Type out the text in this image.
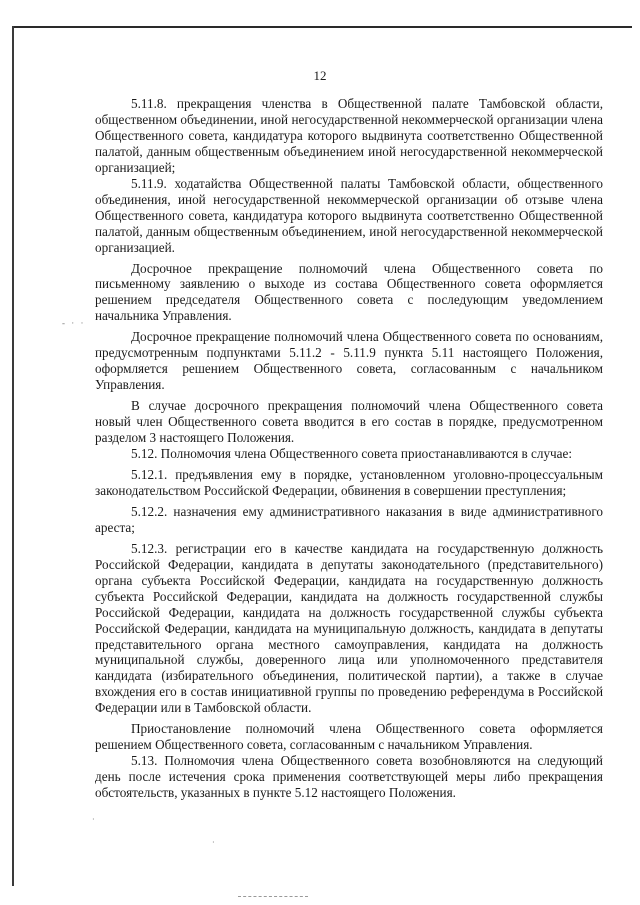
12
- · ·
·
·

5.11.8. прекращения членства в Общественной палате Тамбовской области, общественном объединении, иной негосударственной некоммерческой организации члена Общественного совета, кандидатура которого выдвинута соответственно Общественной палатой, данным общественным объединением иной негосударственной некоммерческой организацией;

5.11.9. ходатайства Общественной палаты Тамбовской области, общественного объединения, иной негосударственной некоммерческой организации об отзыве члена Общественного совета, кандидатура которого выдвинута соответственно Общественной палатой, данным общественным объединением, иной негосударственной некоммерческой организацией.

Досрочное прекращение полномочий члена Общественного совета по письменному заявлению о выходе из состава Общественного совета оформляется решением председателя Общественного совета с последующим уведомлением начальника Управления.

Досрочное прекращение полномочий члена Общественного совета по основаниям, предусмотренным подпунктами 5.11.2 - 5.11.9 пункта 5.11 настоящего Положения, оформляется решением Общественного совета, согласованным с начальником Управления.

В случае досрочного прекращения полномочий члена Общественного совета новый член Общественного совета вводится в его состав в порядке, предусмотренном разделом 3 настоящего Положения.

5.12. Полномочия члена Общественного совета приостанавливаются в случае:

5.12.1. предъявления ему в порядке, установленном уголовно-процессуальным законодательством Российской Федерации, обвинения в совершении преступления;

5.12.2. назначения ему административного наказания в виде административного ареста;

5.12.3. регистрации его в качестве кандидата на государственную должность Российской Федерации, кандидата в депутаты законодательного (представительного) органа субъекта Российской Федерации, кандидата на государственную должность субъекта Российской Федерации, кандидата на должность государственной службы Российской Федерации, кандидата на должность государственной службы субъекта Российской Федерации, кандидата на муниципальную должность, кандидата в депутаты представительного органа местного самоуправления, кандидата на должность муниципальной службы, доверенного лица или уполномоченного представителя кандидата (избирательного объединения, политической партии), а также в случае вхождения его в состав инициативной группы по проведению референдума в Российской Федерации или в Тамбовской области.

Приостановление полномочий члена Общественного совета оформляется решением Общественного совета, согласованным с начальником Управления.

5.13. Полномочия члена Общественного совета возобновляются на следующий день после истечения срока применения соответствующей меры либо прекращения обстоятельств, указанных в пункте 5.12 настоящего Положения.
